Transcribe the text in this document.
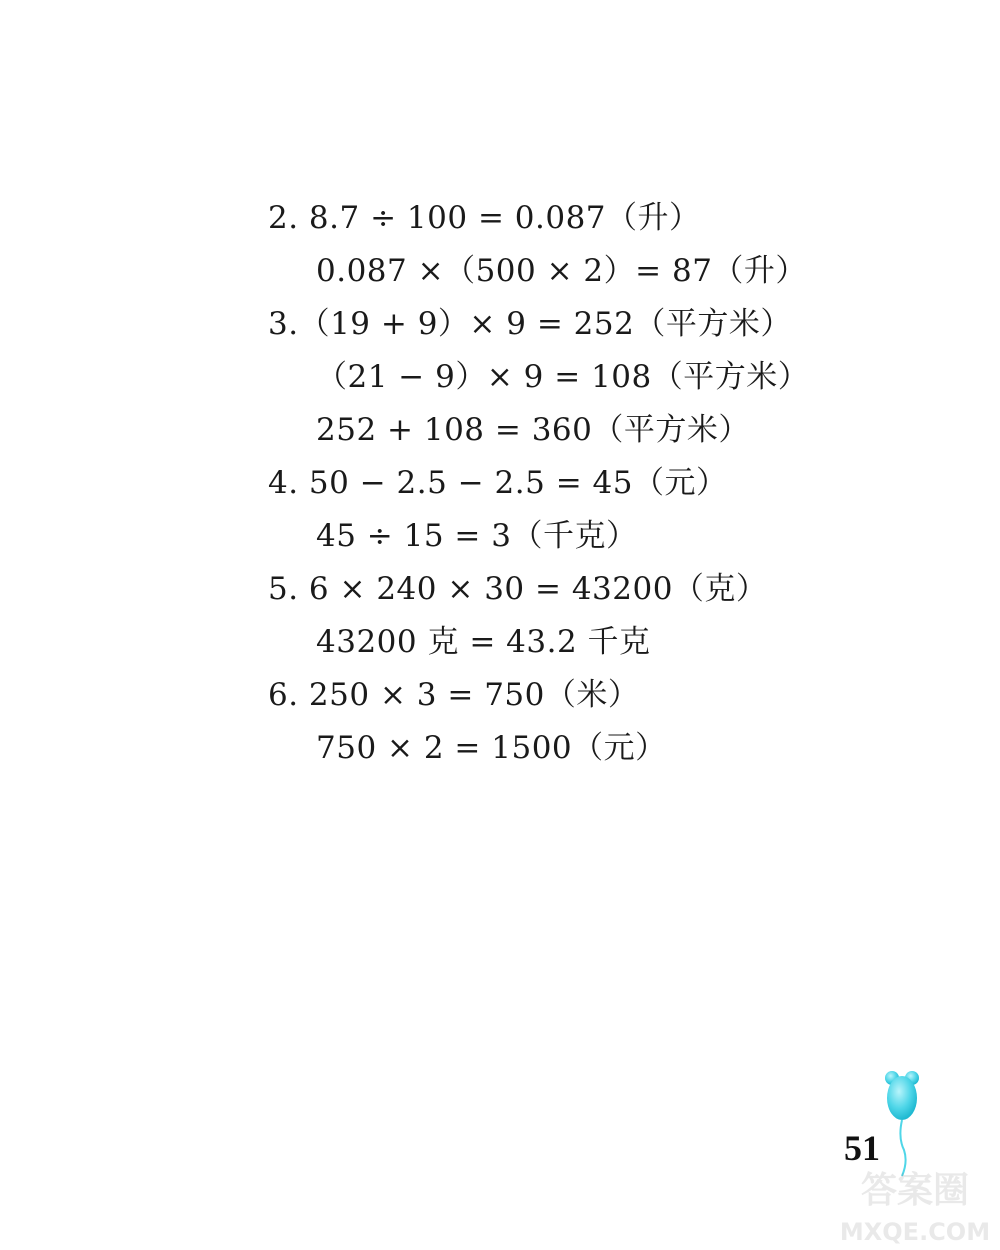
2. 8.7 ÷ 100 = 0.087（升）
0.087 ×（500 × 2）= 87（升）
3.（19 + 9）× 9 = 252（平方米）
（21 − 9）× 9 = 108（平方米）
252 + 108 = 360（平方米）
4. 50 − 2.5 − 2.5 = 45（元）
45 ÷ 15 = 3（千克）
5. 6 × 240 × 30 = 43200（克）
43200 克 = 43.2 千克
6. 250 × 3 = 750（米）
750 × 2 = 1500（元）
51
答案圈
MXQE.COM
